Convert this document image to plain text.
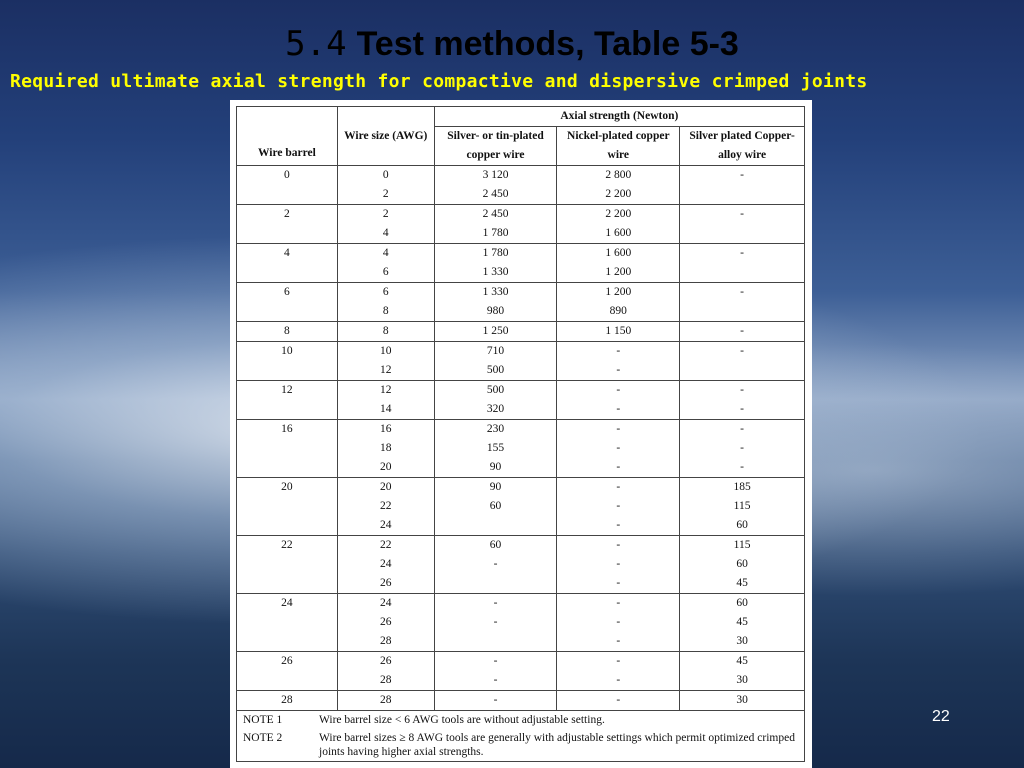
5.4 Test methods, Table 5-3
Required ultimate axial strength for compactive and dispersive crimped joints
Wire barrel	Wire size (AWG)	Axial strength (Newton)		
		Silver- or tin-plated copper wire	Nickel-plated copper wire	Silver plated Copper-alloy wire
0	0	3 120	2 800	-
	2	2 450	2 200	
2	2	2 450	2 200	-
	4	1 780	1 600	
4	4	1 780	1 600	-
	6	1 330	1 200	
6	6	1 330	1 200	-
	8	980	890	
8	8	1 250	1 150	-
10	10	710	-	-
	12	500	-	
12	12	500	-	-
	14	320	-	-
16	16	230	-	-
	18	155	-	-
	20	90	-	-
20	20	90	-	185
	22	60	-	115
	24		-	60
22	22	60	-	115
	24	-	-	60
	26		-	45
24	24	-	-	60
	26	-	-	45
	28		-	30
26	26	-	-	45
	28	-	-	30
28	28	-	-	30
NOTE 1	Wire barrel size < 6 AWG tools are without adjustable setting.
NOTE 2	Wire barrel sizes ≥ 8 AWG tools are generally with adjustable settings which permit optimized crimped joints having higher axial strengths.
22
